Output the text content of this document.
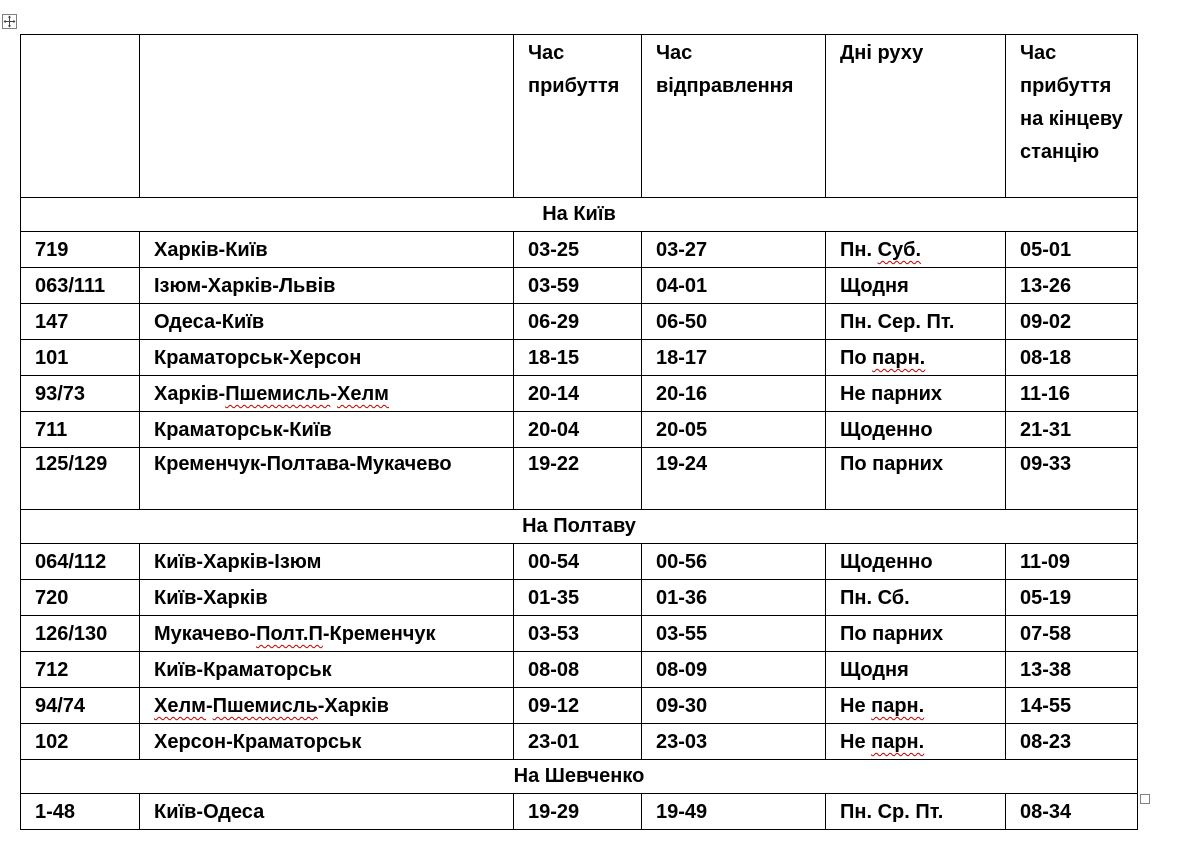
		Час прибуття	Час відправлення	Дні руху	Час прибуття на кінцеву станцію
На Київ					
719	Харків-Київ	03-25	03-27	Пн. Суб.	05-01
063/111	Ізюм-Харків-Львів	03-59	04-01	Щодня	13-26
147	Одеса-Київ	06-29	06-50	Пн. Сер. Пт.	09-02
101	Краматорськ-Херсон	18-15	18-17	По парн.	08-18
93/73	Харків-Пшемисль-Хелм	20-14	20-16	Не парних	11-16
711	Краматорськ-Київ	20-04	20-05	Щоденно	21-31
125/129	Кременчук-Полтава-Мукачево	19-22	19-24	По парних	09-33
На Полтаву					
064/112	Київ-Харків-Ізюм	00-54	00-56	Щоденно	11-09
720	Київ-Харків	01-35	01-36	Пн. Сб.	05-19
126/130	Мукачево-Полт.П-Кременчук	03-53	03-55	По парних	07-58
712	Київ-Краматорськ	08-08	08-09	Щодня	13-38
94/74	Хелм-Пшемисль-Харків	09-12	09-30	Не парн.	14-55
102	Херсон-Краматорськ	23-01	23-03	Не парн.	08-23
На Шевченко					
1-48	Київ-Одеса	19-29	19-49	Пн. Ср. Пт.	08-34
